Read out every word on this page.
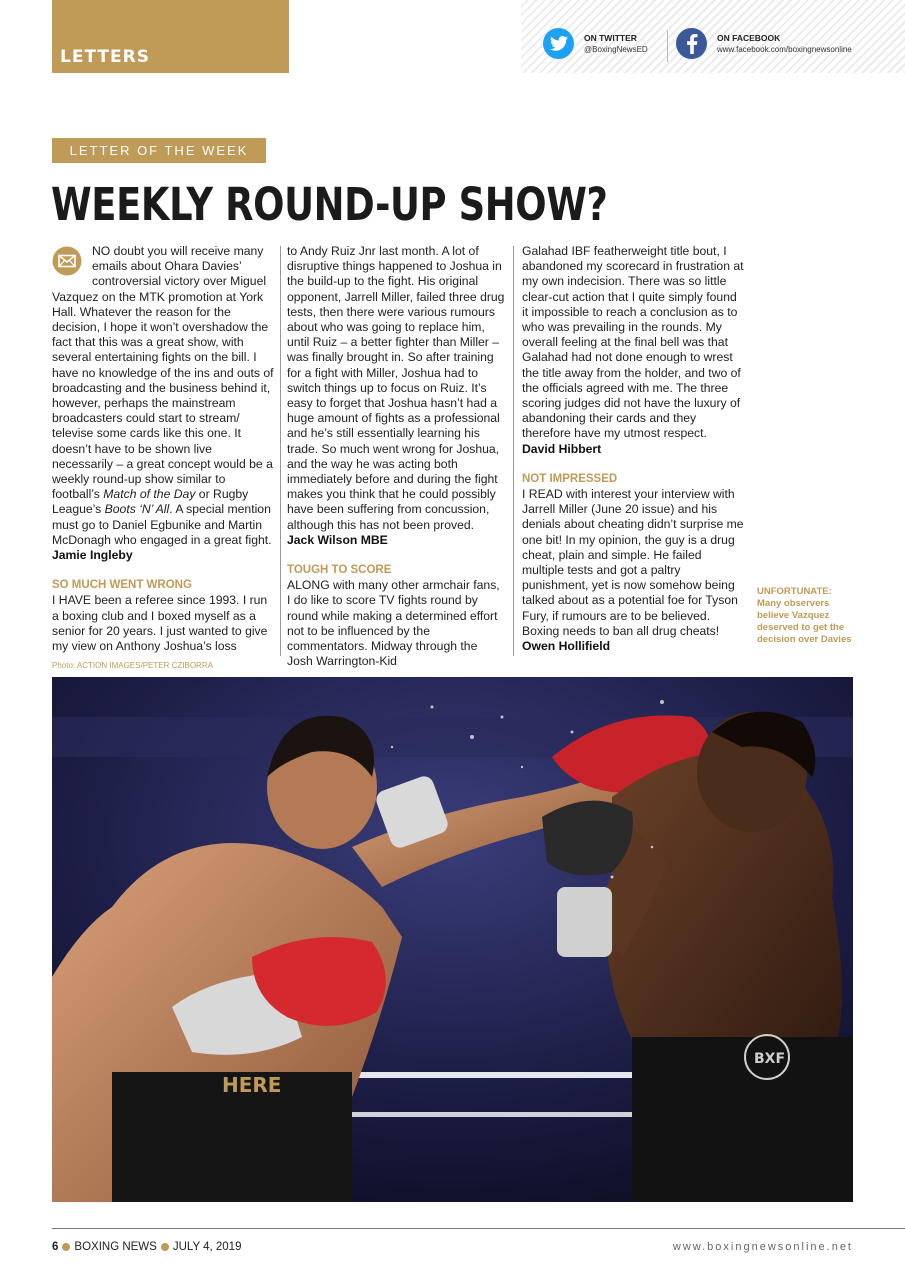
LETTERS
ON TWITTER
@BoxingNewsED
ON FACEBOOK
www.facebook.com/boxingnewsonline
LETTER OF THE WEEK
WEEKLY ROUND-UP SHOW?

NO doubt you will receive many emails about Ohara Davies’ controversial victory over Miguel Vazquez on the MTK promotion at York Hall. Whatever the reason for the decision, I hope it won’t overshadow the fact that this was a great show, with several entertaining fights on the bill. I have no knowledge of the ins and outs of broadcasting and the business behind it, however, perhaps the mainstream broadcasters could start to stream/ televise some cards like this one. It doesn’t have to be shown live necessarily – a great concept would be a weekly round-up show similar to football’s Match of the Day or Rugby League’s Boots ‘N’ All. A special mention must go to Daniel Egbunike and Martin McDonagh who engaged in a great fight.

Jamie Ingleby

SO MUCH WENT WRONG

I HAVE been a referee since 1993. I run a boxing club and I boxed myself as a senior for 20 years. I just wanted to give my view on Anthony Joshua’s loss

to Andy Ruiz Jnr last month. A lot of disruptive things happened to Joshua in the build-up to the fight. His original opponent, Jarrell Miller, failed three drug tests, then there were various rumours about who was going to replace him, until Ruiz – a better fighter than Miller – was finally brought in. So after training for a fight with Miller, Joshua had to switch things up to focus on Ruiz. It’s easy to forget that Joshua hasn’t had a huge amount of fights as a professional and he’s still essentially learning his trade. So much went wrong for Joshua, and the way he was acting both immediately before and during the fight makes you think that he could possibly have been suffering from concussion, although this has not been proved.

Jack Wilson MBE

TOUGH TO SCORE

ALONG with many other armchair fans, I do like to score TV fights round by round while making a determined effort not to be influenced by the commentators. Midway through the Josh Warrington-Kid

Galahad IBF featherweight title bout, I abandoned my scorecard in frustration at my own indecision. There was so little clear-cut action that I quite simply found it impossible to reach a conclusion as to who was prevailing in the rounds. My overall feeling at the final bell was that Galahad had not done enough to wrest the title away from the holder, and two of the officials agreed with me. The three scoring judges did not have the luxury of abandoning their cards and they therefore have my utmost respect.

David Hibbert

NOT IMPRESSED

I READ with interest your interview with Jarrell Miller (June 20 issue) and his denials about cheating didn’t surprise me one bit! In my opinion, the guy is a drug cheat, plain and simple. He failed multiple tests and got a paltry punishment, yet is now somehow being talked about as a potential foe for Tyson Fury, if rumours are to be believed. Boxing needs to ban all drug cheats!

Owen Hollifield

UNFORTUNATE: Many observers believe Vazquez deserved to get the decision over Davies
Photo: ACTION IMAGES/PETER CZIBORRA
HERE
BXF
6 BOXING NEWS JULY 4, 2019	www.boxingnewsonline.net
